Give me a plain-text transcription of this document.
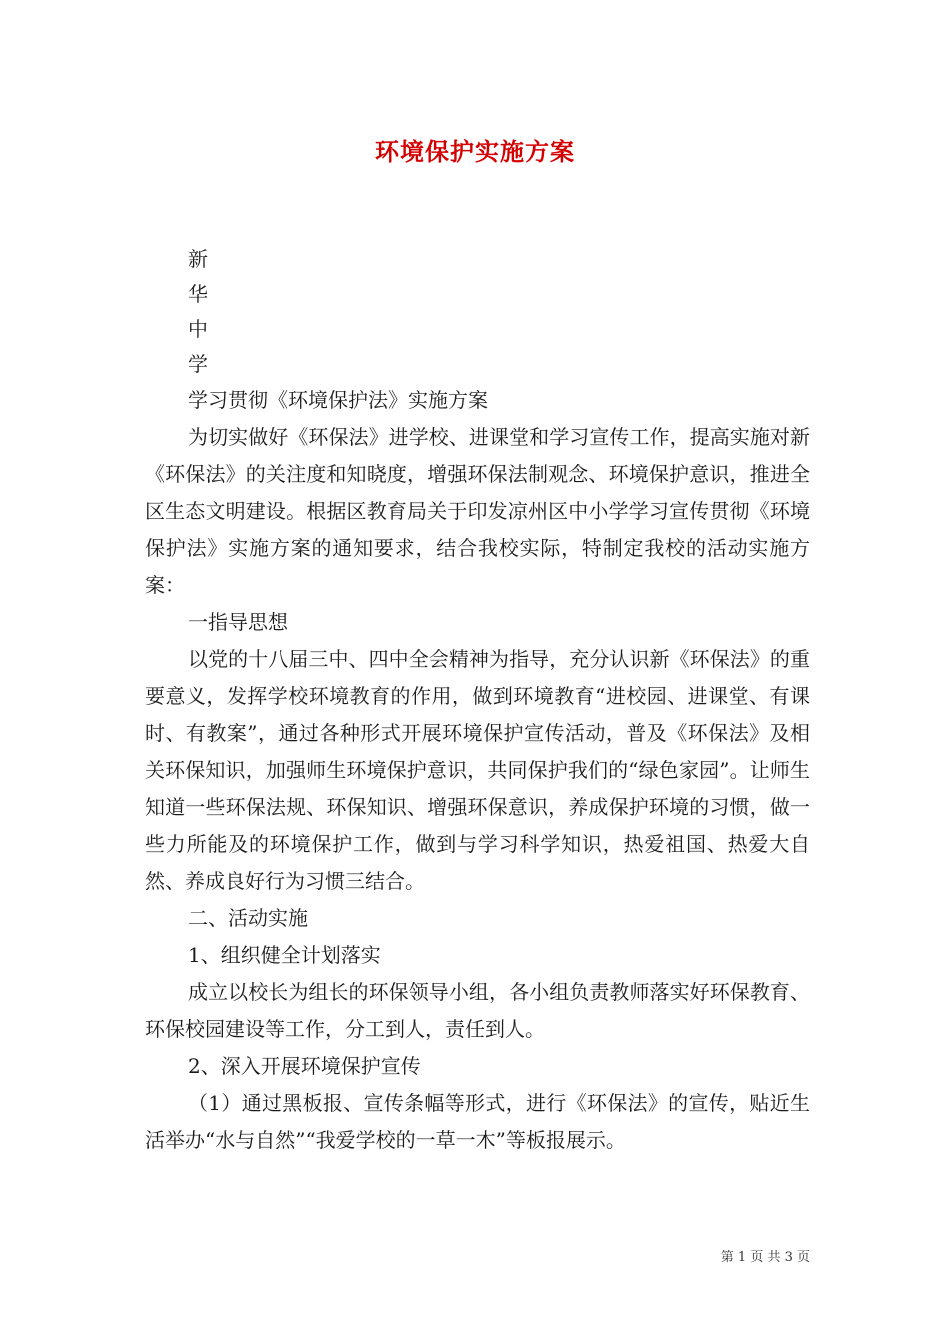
环境保护实施方案

新

华

中

学

学习贯彻《环境保护法》实施方案

为切实做好《环保法》进学校、进课堂和学习宣传工作，提高实施对新《环保法》的关注度和知晓度，增强环保法制观念、环境保护意识，推进全区生态文明建设。根据区教育局关于印发凉州区中小学学习宣传贯彻《环境保护法》实施方案的通知要求，结合我校实际，特制定我校的活动实施方案：

一指导思想

以党的十八届三中、四中全会精神为指导，充分认识新《环保法》的重要意义，发挥学校环境教育的作用，做到环境教育“进校园、进课堂、有课时、有教案”，通过各种形式开展环境保护宣传活动，普及《环保法》及相关环保知识，加强师生环境保护意识，共同保护我们的“绿色家园”。让师生知道一些环保法规、环保知识、增强环保意识，养成保护环境的习惯，做一些力所能及的环境保护工作，做到与学习科学知识，热爱祖国、热爱大自然、养成良好行为习惯三结合。

二、活动实施

1、组织健全计划落实

成立以校长为组长的环保领导小组，各小组负责教师落实好环保教育、环保校园建设等工作，分工到人，责任到人。

2、深入开展环境保护宣传

（1）通过黑板报、宣传条幅等形式，进行《环保法》的宣传，贴近生活举办“水与自然”“我爱学校的一草一木”等板报展示。

第 1 页 共 3 页
